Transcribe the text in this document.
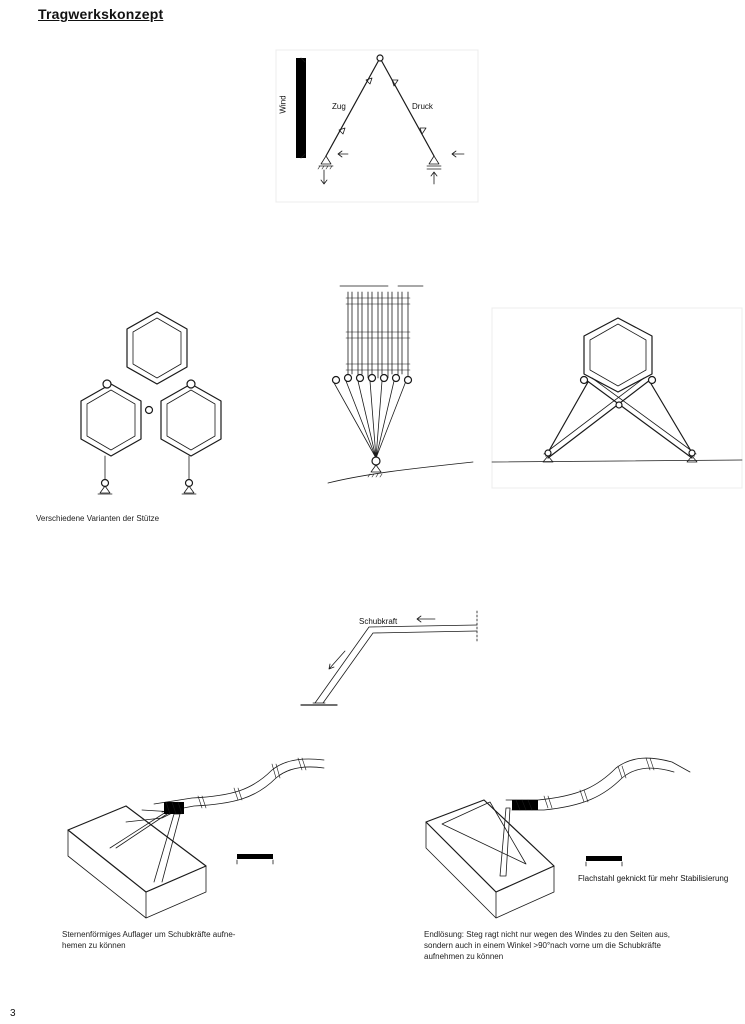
Tragwerkskonzept
Wind	Zug	Druck
Verschiedene Varianten der Stütze
Schubkraft
Flachstahl geknickt für mehr Stabilisierung
Sternenförmiges Auflager um Schubkräfte aufne-
hemen zu können
Endlösung: Steg ragt nicht nur wegen des Windes zu den Seiten aus,
sondern auch in einem Winkel >90°nach vorne um die Schubkräfte
aufnehmen zu können
3
